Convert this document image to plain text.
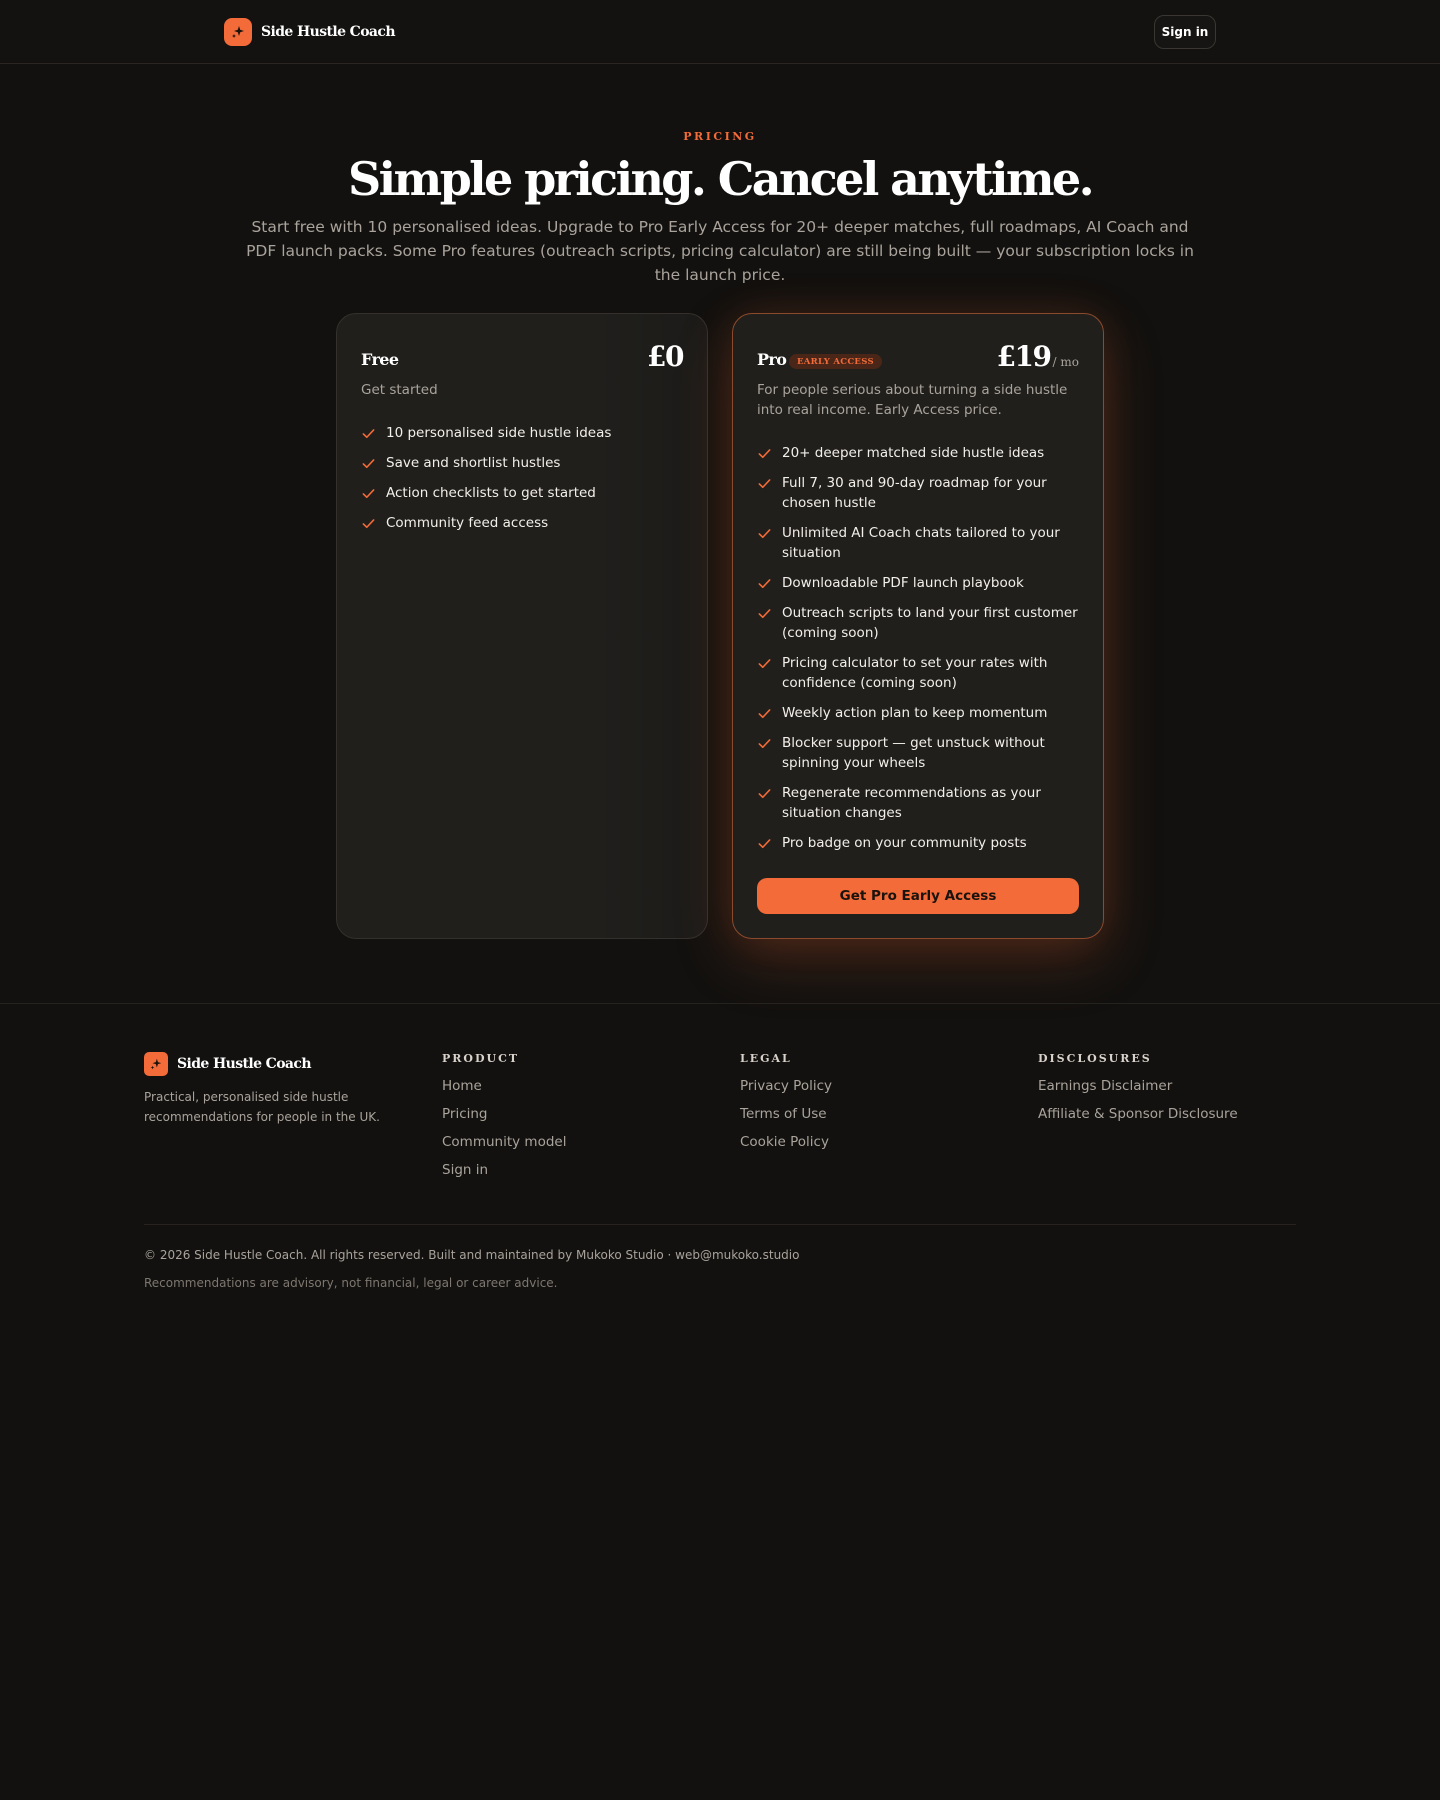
Side Hustle Coach	Sign in
PRICING
Simple pricing. Cancel anytime.

Start free with 10 personalised ideas. Upgrade to Pro Early Access for 20+ deeper matches, full roadmaps, AI Coach and PDF launch packs. Some Pro features (outreach scripts, pricing calculator) are still being built — your subscription locks in the launch price.

Free	£0
Get started
10 personalised side hustle ideas
Save and shortlist hustles
Action checklists to get started
Community feed access
Pro	EARLY ACCESS	£19 / mo
For people serious about turning a side hustle into real income. Early Access price.
20+ deeper matched side hustle ideas
Full 7, 30 and 90-day roadmap for your chosen hustle
Unlimited AI Coach chats tailored to your situation
Downloadable PDF launch playbook
Outreach scripts to land your first customer (coming soon)
Pricing calculator to set your rates with confidence (coming soon)
Weekly action plan to keep momentum
Blocker support — get unstuck without spinning your wheels
Regenerate recommendations as your situation changes
Pro badge on your community posts
Get Pro Early Access
Side Hustle Coach

Practical, personalised side hustle recommendations for people in the UK.

PRODUCT
Home
Pricing
Community model
Sign in
LEGAL
Privacy Policy
Terms of Use
Cookie Policy
DISCLOSURES
Earnings Disclaimer
Affiliate & Sponsor Disclosure
© 2026 Side Hustle Coach. All rights reserved. Built and maintained by Mukoko Studio · web@mukoko.studio
Recommendations are advisory, not financial, legal or career advice.
